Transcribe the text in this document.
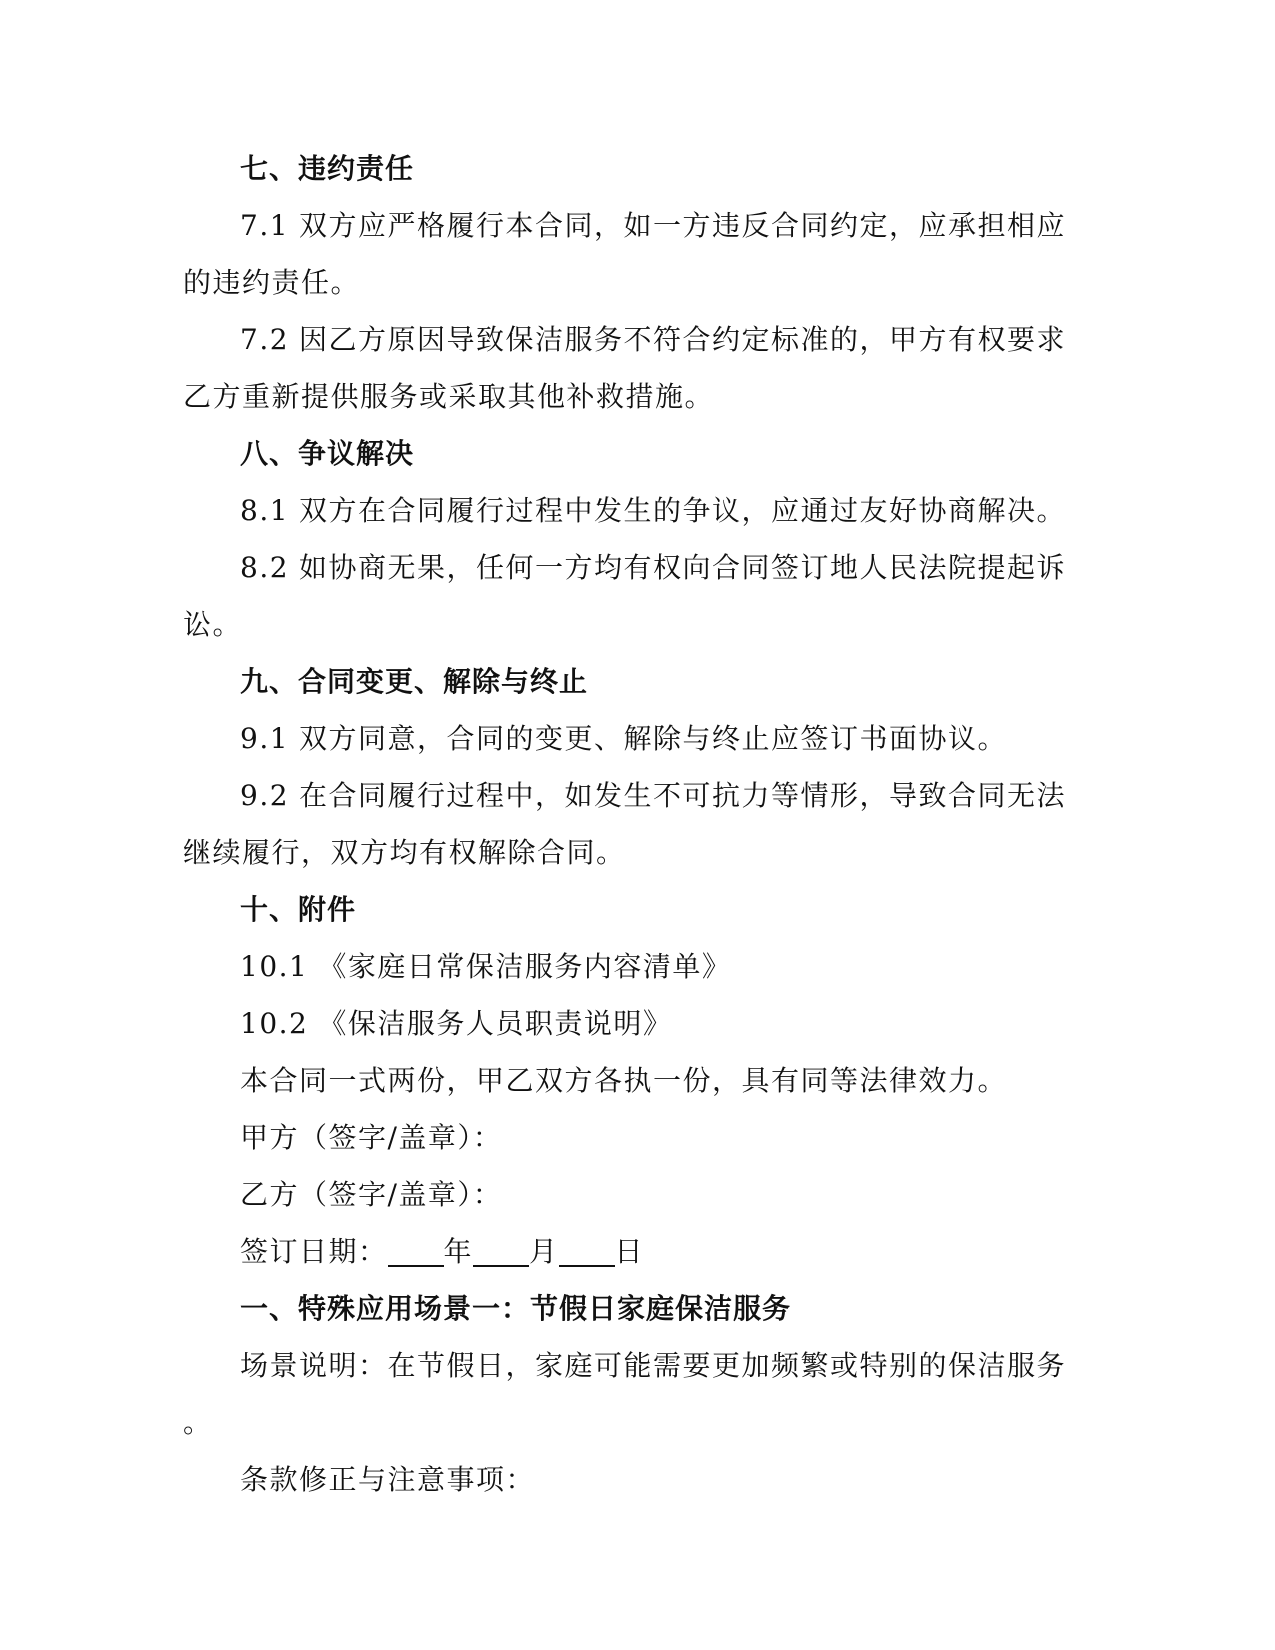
七、违约责任
7.1 双方应严格履行本合同，如一方违反合同约定，应承担相应
的违约责任。
7.2 因乙方原因导致保洁服务不符合约定标准的，甲方有权要求
乙方重新提供服务或采取其他补救措施。
八、争议解决
8.1 双方在合同履行过程中发生的争议，应通过友好协商解决。
8.2 如协商无果，任何一方均有权向合同签订地人民法院提起诉
讼。
九、合同变更、解除与终止
9.1 双方同意，合同的变更、解除与终止应签订书面协议。
9.2 在合同履行过程中，如发生不可抗力等情形，导致合同无法
继续履行，双方均有权解除合同。
十、附件
10.1 《家庭日常保洁服务内容清单》
10.2 《保洁服务人员职责说明》
本合同一式两份，甲乙双方各执一份，具有同等法律效力。
甲方（签字/盖章）：
乙方（签字/盖章）：
签订日期： 年 月 日
一、特殊应用场景一：节假日家庭保洁服务
场景说明：在节假日，家庭可能需要更加频繁或特别的保洁服务
。
条款修正与注意事项：
